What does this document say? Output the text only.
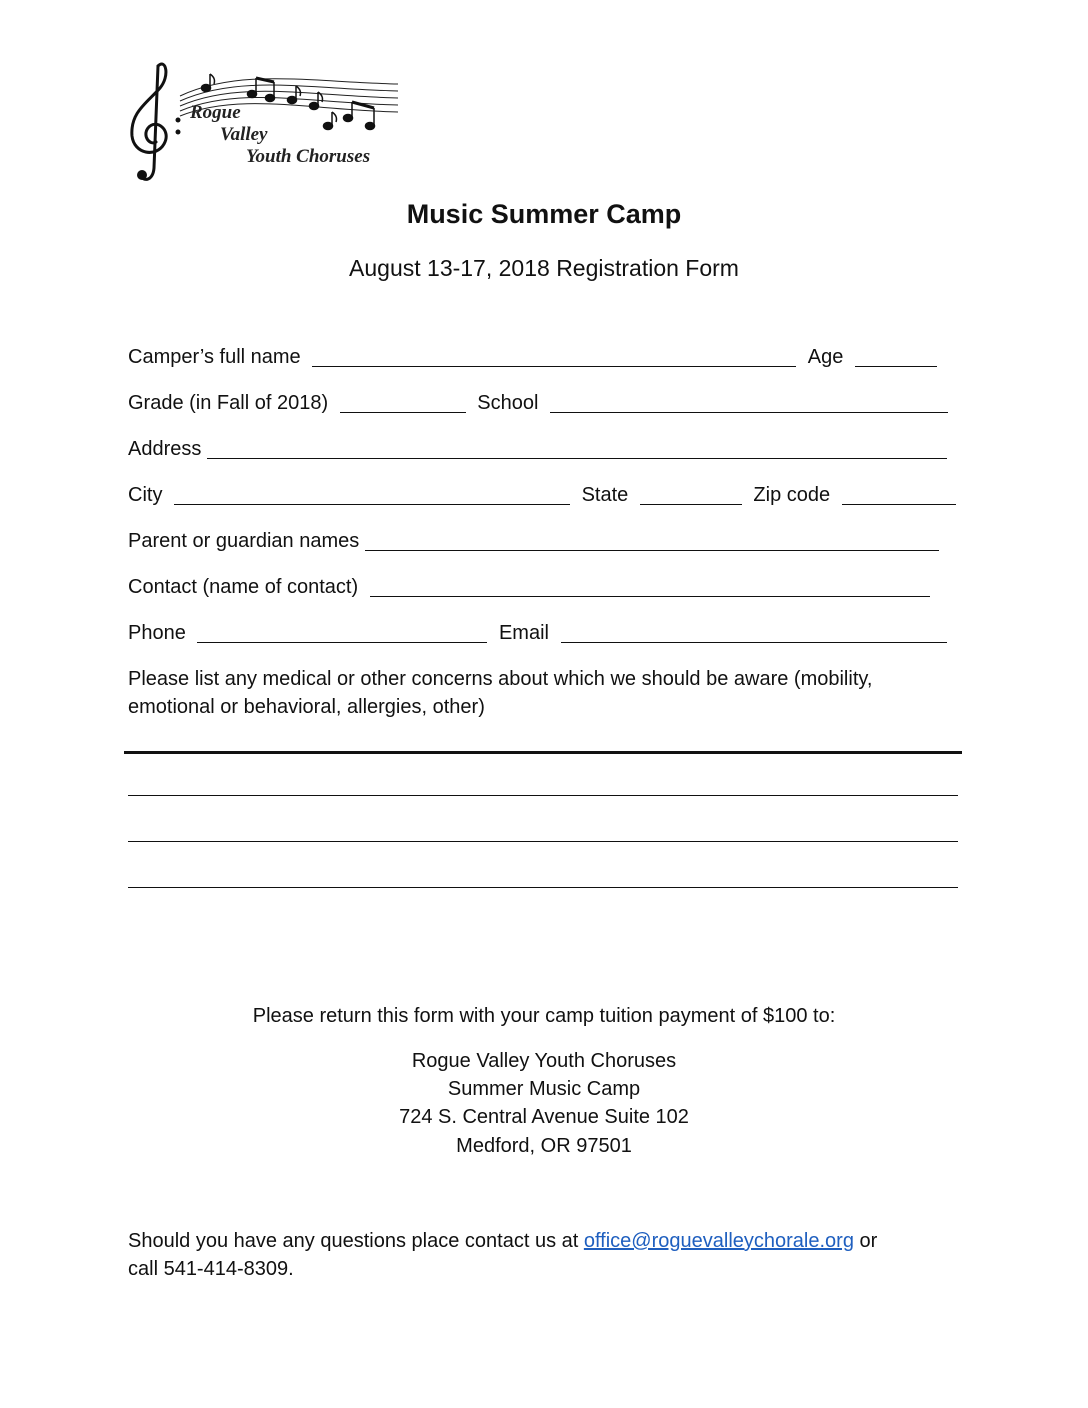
Rogue
Valley
Youth Choruses
Music Summer Camp
August 13-17, 2018 Registration Form
Camper’s full name	Age
Grade (in Fall of 2018)	School
Address
City	State	Zip code
Parent or guardian names
Contact (name of contact)
Phone	Email
Please list any medical or other concerns about which we should be aware (mobility, emotional or behavioral, allergies, other)
Please return this form with your camp tuition payment of $100 to:
Rogue Valley Youth Choruses
Summer Music Camp
724 S. Central Avenue Suite 102
Medford, OR 97501
Should you have any questions place contact us at office@roguevalleychorale.org or
call 541-414-8309.
